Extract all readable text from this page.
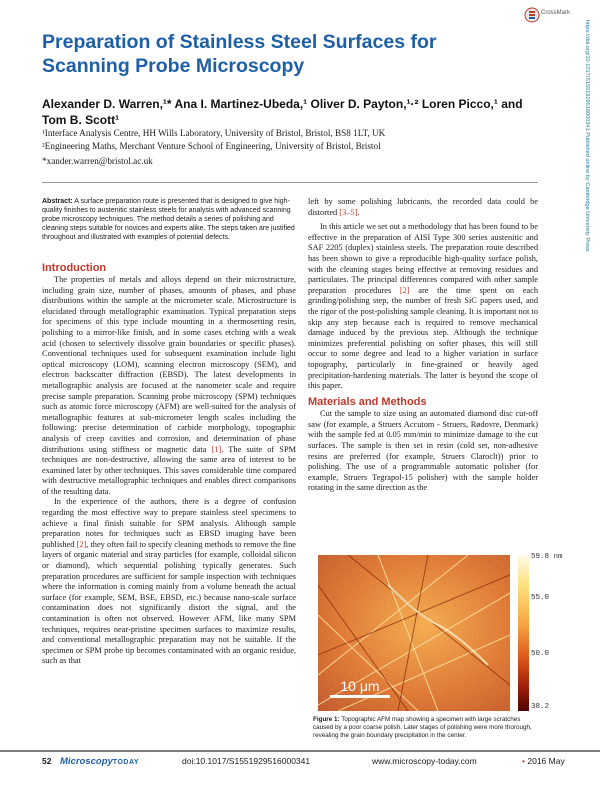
CrossMark
Preparation of Stainless Steel Surfaces for Scanning Probe Microscopy
Alexander D. Warren,¹* Ana I. Martinez-Ubeda,¹ Oliver D. Payton,¹·² Loren Picco,¹ and
Tom B. Scott¹
¹Interface Analysis Centre, HH Wills Laboratory, University of Bristol, Bristol, BS8 1LT, UK
²Engineering Maths, Merchant Venture School of Engineering, University of Bristol, Bristol
*xander.warren@bristol.ac.uk	https://doi.org/10.1017/S1551929516000341 Published online by Cambridge University Press
Abstract: A surface preparation route is presented that is designed to give high-quality finishes to austenitic stainless steels for analysis with advanced scanning probe microscopy techniques. The method details a series of polishing and cleaning steps suitable for novices and experts alike. The steps taken are justified throughout and illustrated with examples of potential defects.
Introduction

The properties of metals and alloys depend on their microstructure, including grain size, number of phases, amounts of phases, and phase distributions within the sample at the micrometer scale. Microstructure is elucidated through metallographic examination. Typical preparation steps for specimens of this type include mounting in a thermosetting resin, polishing to a mirror-like finish, and in some cases etching with a weak acid (chosen to selectively dissolve grain boundaries or specific phases). Conventional techniques used for subsequent examination include light optical microscopy (LOM), scanning electron microscopy (SEM), and electron backscatter diffraction (EBSD). The latest developments in metallographic analysis are focused at the nanometer scale and require precise sample preparation. Scanning probe microscopy (SPM) techniques such as atomic force microscopy (AFM) are well-suited for the analysis of metallographic features at sub-micrometer length scales including the following: precise determination of carbide morphology, topographic analysis of creep cavities and corrosion, and determination of phase distributions using stiffness or magnetic data [1]. The suite of SPM techniques are non-destructive, allowing the same area of interest to be examined later by other techniques. This saves considerable time compared with destructive metallographic techniques and enables direct comparisons of the resulting data.

In the experience of the authors, there is a degree of confusion regarding the most effective way to prepare stainless steel specimens to achieve a final finish suitable for SPM analysis. Although sample preparation notes for techniques such as EBSD imaging have been published [2], they often fail to specify cleaning methods to remove the fine layers of organic material and stray particles (for example, colloidal silicon or diamond), which sequential polishing typically generates. Such preparation procedures are sufficient for sample inspection with techniques where the information is coming mainly from a volume beneath the actual surface (for example, SEM, BSE, EBSD, etc.) because nano-scale surface contamination does not significantly distort the signal, and the contamination is often not observed. However AFM, like many SPM techniques, requires near-pristine specimen surfaces to maximize results, and conventional metallographic preparation may not be suitable. If the specimen or SPM probe tip becomes contaminated with an organic residue, such as that

left by some polishing lubricants, the recorded data could be distorted [3–5].

In this article we set out a methodology that has been found to be effective in the preparation of AISI Type 300 series austenitic and SAF 2205 (duplex) stainless steels. The preparation route described has been shown to give a reproducible high-quality surface polish, with the cleaning stages being effective at removing residues and particulates. The principal differences compared with other sample preparation procedures [2] are the time spent on each grinding/polishing step, the number of fresh SiC papers used, and the rigor of the post-polishing sample cleaning. It is important not to skip any step because each is required to remove mechanical damage induced by the previous step. Although the technique minimizes preferential polishing on softer phases, this will still occur to some degree and lead to a higher variation in surface topography, particularly in fine-grained or heavily aged precipitation-hardening materials. The latter is beyond the scope of this paper.

Materials and Methods

Cut the sample to size using an automated diamond disc cut-off saw (for example, a Struers Accutom - Struers, Rødovre, Denmark) with the sample fed at 0.05 mm/min to minimize damage to the cut surfaces. The sample is then set in resin (cold set, non-adhesive resins are preferred (for example, Struers Claroclt)) prior to polishing. The use of a programmable automatic polisher (for example, Struers Tegrapol-15 polisher) with the sample holder rotating in the same direction as the

10 μm
59.8 nm
55.0
50.0
38.2
Figure 1: Topographic AFM map showing a specimen with large scratches caused by a poor coarse polish. Later stages of polishing were more thorough, revealing the grain boundary precipitation in the center.
52 MicroscopyTODAY	doi:10.1017/S1551929516000341	www.microscopy-today.com	• 2016 May
